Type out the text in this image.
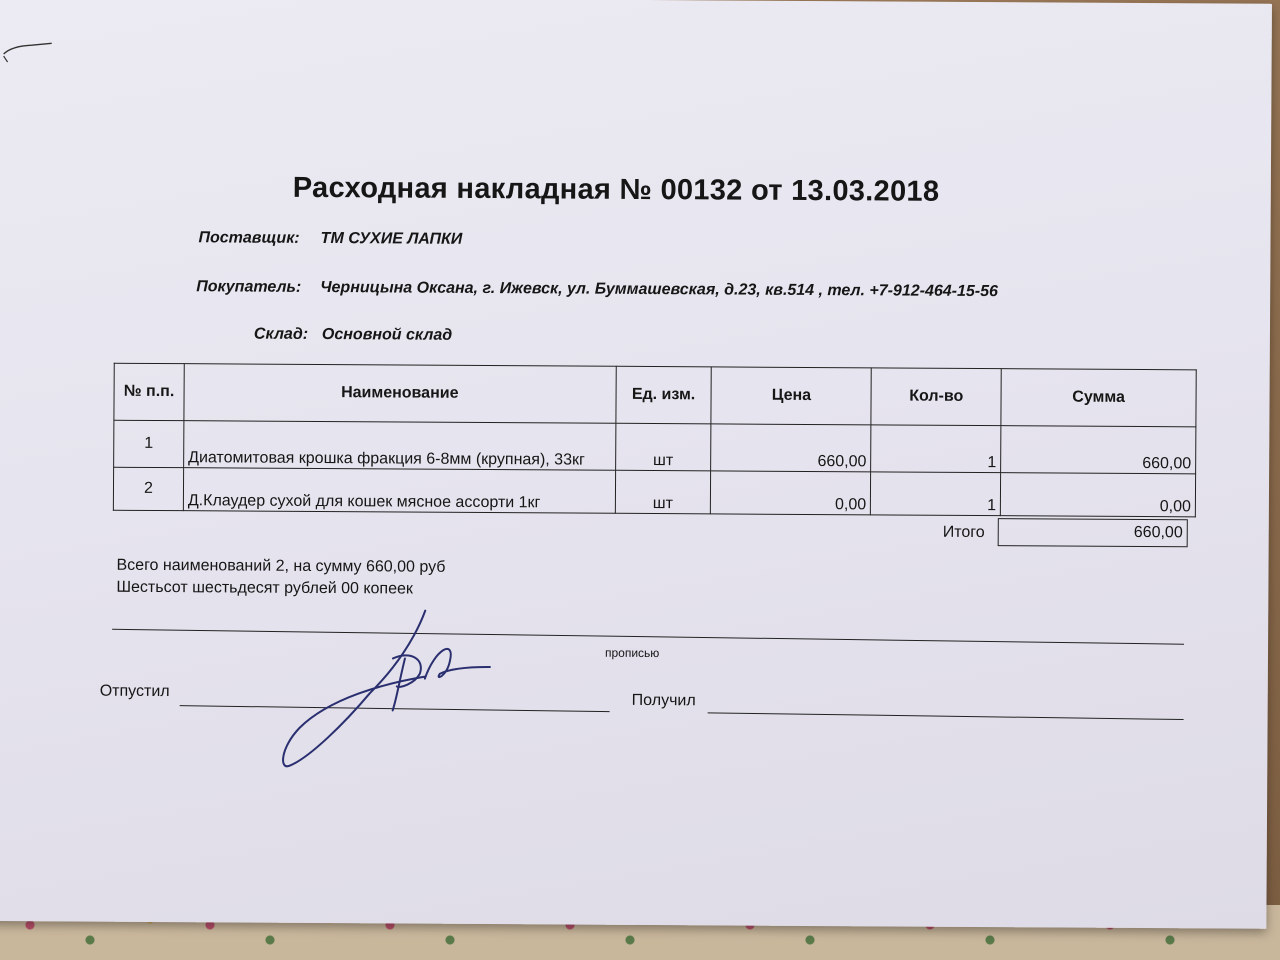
Расходная накладная № 00132 от 13.03.2018
Поставщик: ТМ СУХИЕ ЛАПКИ
Покупатель: Черницына Оксана, г. Ижевск, ул. Буммашевская, д.23, кв.514 , тел. +7-912-464-15-56
Склад: Основной склад
№ п.п.	Наименование	Ед. изм.	Цена	Кол-во	Сумма
1	Диатомитовая крошка фракция 6-8мм (крупная), 33кг	шт	660,00	1	660,00
2	Д.Клаудер сухой для кошек мясное ассорти 1кг	шт	0,00	1	0,00
Итого	660,00
Всего наименований 2, на сумму 660,00 руб
Шестьсот шестьдесят рублей 00 копеек
прописью
Отпустил
Получил
